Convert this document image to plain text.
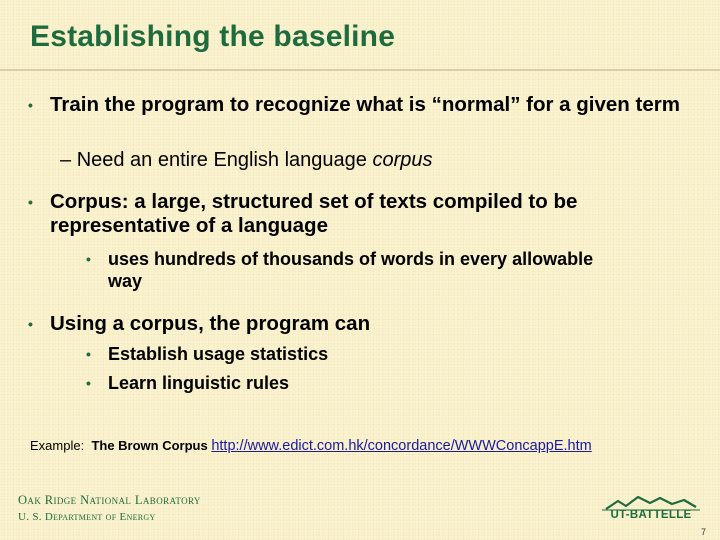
Establishing the baseline
• Train the program to recognize what is “normal” for a given term
– Need an entire English language corpus
• Corpus: a large, structured set of texts compiled to be representative of a language
• uses hundreds of thousands of words in every allowable way
• Using a corpus, the program can
• Establish usage statistics
• Learn linguistic rules
Example: The Brown Corpus http://www.edict.com.hk/concordance/WWWConcappE.htm
Oak Ridge National Laboratory
U. S. Department of Energy	UT-BATTELLE
7
